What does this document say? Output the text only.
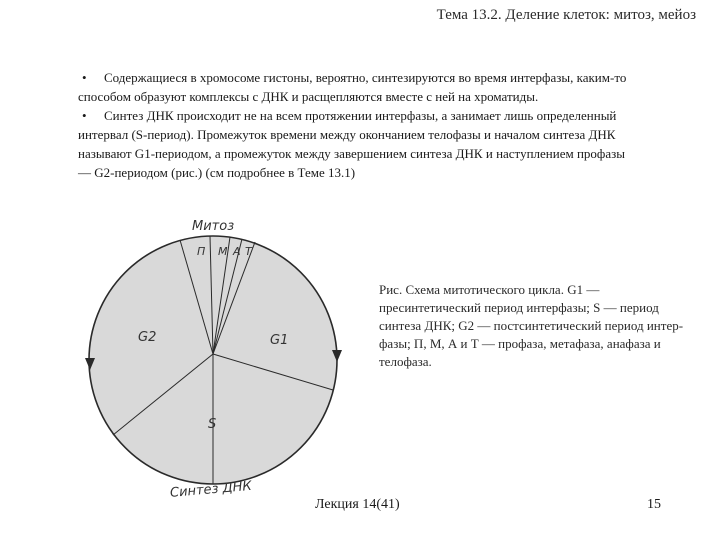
Тема 13.2. Деление клеток: митоз, мейоз

• Содержащиеся в хромосоме гистоны, вероятно, синтезируются во время интерфазы, каким-то способом образуют комплексы с ДНК и расщепляются вместе с ней на хроматиды.

• Синтез ДНК происходит не на всем протяжении интерфазы, а занимает лишь определенный интервал (S-период). Промежуток времени между окончанием телофазы и началом синтеза ДНК называют G1-периодом, а промежуток между завершением синтеза ДНК и наступлением профазы — G2-периодом (рис.) (см подробнее в Теме 13.1)

Митоз
П М А Т
G2	G1
S
Синтез ДНК
Рис. Схема митотического цикла. G1 — пресинтетический период интерфазы; S — период синтеза ДНК; G2 — постсинтетический период интер-фазы; П, М, А и Т — профаза, метафаза, анафаза и телофаза.
Лекция 14(41)	15
